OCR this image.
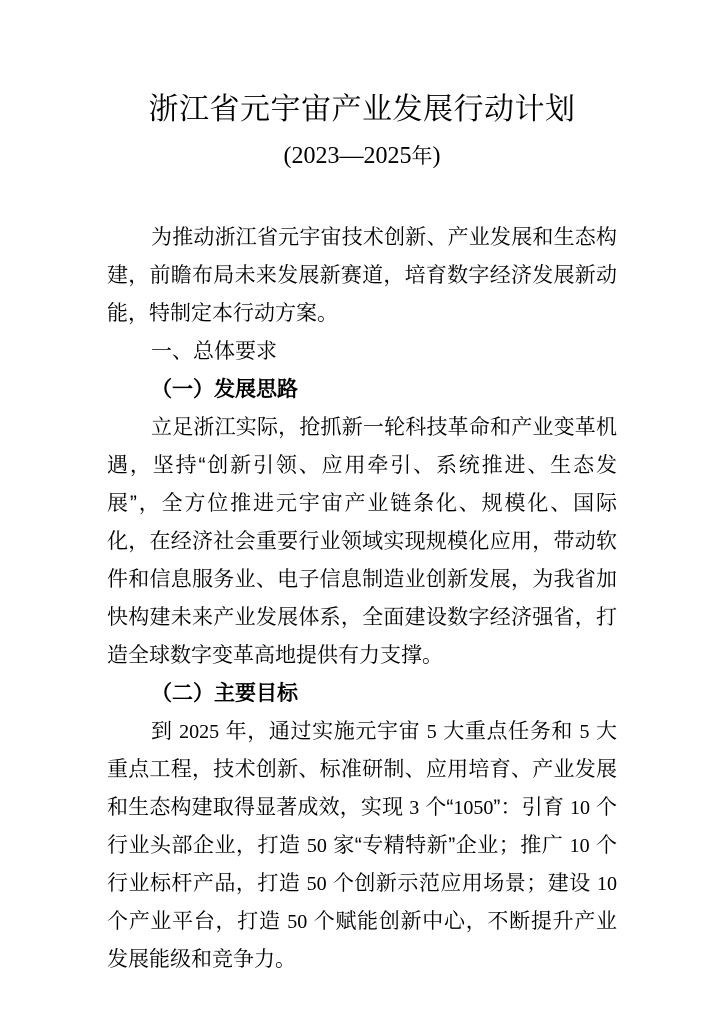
浙江省元宇宙产业发展行动计划
(2023—2025年)

为推动浙江省元宇宙技术创新、产业发展和生态构建，前瞻布局未来发展新赛道，培育数字经济发展新动能，特制定本行动方案。

一、总体要求

（一）发展思路

立足浙江实际，抢抓新一轮科技革命和产业变革机遇，坚持“创新引领、应用牵引、系统推进、生态发展”，全方位推进元宇宙产业链条化、规模化、国际化，在经济社会重要行业领域实现规模化应用，带动软件和信息服务业、电子信息制造业创新发展，为我省加快构建未来产业发展体系，全面建设数字经济强省，打造全球数字变革高地提供有力支撑。

（二）主要目标

到 2025 年，通过实施元宇宙 5 大重点任务和 5 大重点工程，技术创新、标准研制、应用培育、产业发展和生态构建取得显著成效，实现 3 个“1050”：引育 10 个行业头部企业，打造 50 家“专精特新”企业；推广 10 个行业标杆产品，打造 50 个创新示范应用场景；建设 10 个产业平台，打造 50 个赋能创新中心，不断提升产业发展能级和竞争力。
